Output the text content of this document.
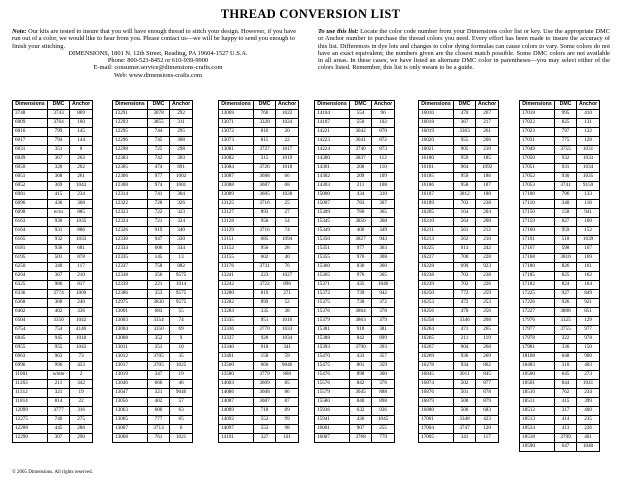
THREAD CONVERSION LIST
Note: Our kits are tested to insure that you will have enough thread to stitch your design. However, if you have run out of a color, we would like to hear from you. Please contact us—we will be happy to send you enough to finish your stitching.
DIMENSIONS, 1801 N. 12th Street, Reading, PA 19604-1527 U.S.A.
Phone: 800-523-8452 or 610-939-9900
E-mail: consumer.service@dimensions-crafts.com
Web: www.dimensions-crafts.com
To use this list: Locate the color code number from your Dimensions color list or key. Use the appropriate DMC or Anchor number to purchase the thread colors you need. Every effort has been made to insure the accuracy of this list. Differences in dye lots and changes to color dying formulas can cause colors to vary. Some colors do not have an exact equivalent; the numbers given are the closest match possible. Some DMC colors are not available in all areas. In these cases, we have listed an alternate DMC color in parentheses—you may select either of the colors listed. Remember, this list is only meant to be a guide.
Dimensions	DMC	Anchor
3748	3743	869
6009	3764	160
6016	799	145
6017	794	144
6031	351	8
6049	367	263
6050	320	262
6051	368	261
6052	369	1043
6081	415	234
6096	436	368
6098	ecru	885
6163	930	1035
6164	931	886
6165	932	1033
6181	936	681
6195	501	878
6250	340	117
6264	367	210
6325	986	817
6336	3774	1009
6368	368	240
6402	402	336
6504	3350	1042
6754	754	4146
6845	945	1010
6955	955	1043
6963	963	73
6996	996	433
11001	white	2
11263	211	342
11312	321	19
11814	814	22
12099	3777	316
12275	746	275
12288	445	288
12290	307	290
Dimensions	DMC	Anchor
12291	3078	292
12293	3855	311
12295	744	295
12296	745	308
12298	725	298
12303	742	303
12305	474	891
12306	977	1002
12308	974	1001
12314	741	304
12322	728	326
12323	722	323
12324	721	324
12326	919	340
12330	947	330
12334	606	334
12335	145	13
12337	758	882
12338	356	9575
12339	221	1014
12386	353	9575
12975	3830	9575
13001	683	55
13003	3354	74
13004	3350	69
13008	352	9
13011	351	10
13012	3705	35
13017	3705	1025
13019	347	19
13046	666	46
13047	321	9046
13056	402	57
13063	600	63
13065	777	65
13067	3713	6
13068	761	1021
Dimensions	DMC	Anchor
13069	760	1022
13071	3328	1024
13072	816	20
13073	815	22
13081	3727	1017
13082	315	1019
13084	3726	1018
13087	3688	66
13088	3687	68
13089	3685	1028
13125	3716	25
13127	893	27
13128	956	54
13129	3716	74
13151	685	1094
13152	956	28
13155	602	40
13176	3731	76
13241	223	1027
13242	3722	896
13280	819	271
13282	899	52
13283	335	38
13335	951	1010
13336	3770	1033
13337	928	1034
13340	918	341
13401	158	59
13500	666	9046
13580	3779	868
14003	3609	85
14086	3608	86
14087	3607	87
14089	718	89
14092	552	99
14097	553	98
14101	327	101
Dimensions	DMC	Anchor
14104	554	96
14107	550	102
14221	3042	870
14223	3041	872
14224	3740	873
14300	3837	112
14301	208	110
14302	209	109
14303	211	108
15000	434	310
15007	783	307
15309	780	365
15345	3856	368
15349	400	349
15350	3827	943
15351	977	363
15355	976	308
15360	830	360
15365	976	365
15371	435	1046
15372	739	942
15375	738	372
15376	3864	378
15379	3863	379
15381	918	381
15388	842	899
15393	3790	393
15470	433	357
15475	801	359
15476	898	360
15576	842	376
15579	3045	888
15580	840	898
15936	632	936
15941	436	1045
16001	907	255
16007	3768	779
Dimensions	DMC	Anchor
16010	470	267
16018	367	217
16019	3363	261
16020	955	206
16021	905	210
16180	959	185
16181	964	1092
16185	959	186
16186	958	187
16187	3812	188
16189	703	238
16205	164	204
16210	564	208
16211	561	212
16213	562	210
16225	913	242
16227	700	228
16228	699	923
16238	703	238
16239	702	226
16250	772	259
16253	472	253
16256	470	256
16258	3346	268
16264	471	265
16265	211	119
16267	904	268
16269	936	269
16278	934	862
16845	3011	845
16874	502	877
16876	501	878
16879	500	879
16880	500	683
17001	3348	423
17004	3747	120
17005	341	117
Dimensions	DMC	Anchor
17018	995	410
17022	825	131
17023	797	132
17031	775	128
17049	3755	1031
17050	932	1033
17051	931	1034
17052	930	1035
17053	3741	9159
17100	796	133
17110	340	118
17150	158	941
17159	827	160
17160	959	152
17161	518	1039
17167	598	167
17168	3810	169
17180	826	161
17185	825	162
17182	824	164
17225	927	849
17226	926	921
17227	3808	851
17976	3325	129
17977	3755	977
17978	322	978
17981	336	150
18108	648	900
18483	310	403
18500	645	273
18501	844	1041
18510	762	234
18511	415	399
18512	317	400
18513	414	235
18514	413	236
18518	3799	401
18590	647	1040
© 2005 Dimensions. All rights reserved.
